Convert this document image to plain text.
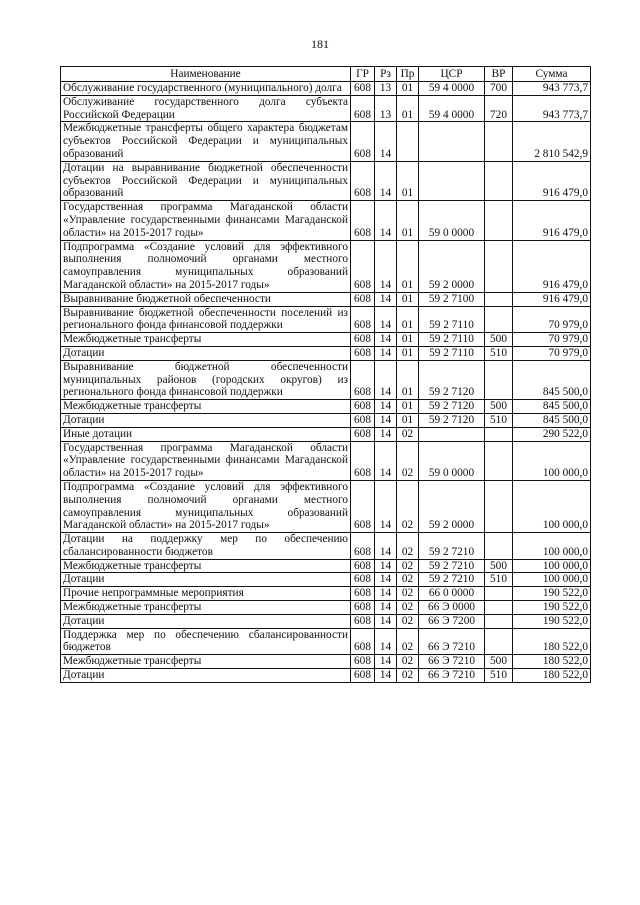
181
Наименование	ГР	Рз	Пр	ЦСР	ВР	Сумма
Обслуживание государственного (муниципального) долга	608	13	01	59 4 0000	700	943 773,7
Обслуживание государственного долга субъекта Российской Федерации	608	13	01	59 4 0000	720	943 773,7
Межбюджетные трансферты общего характера бюджетам субъектов Российской Федерации и муниципальных образований	608	14				2 810 542,9
Дотации на выравнивание бюджетной обеспеченности субъектов Российской Федерации и муниципальных образований	608	14	01			916 479,0
Государственная программа Магаданской области «Управление государственными финансами Магаданской области» на 2015-2017 годы»	608	14	01	59 0 0000		916 479,0
Подпрограмма «Создание условий для эффективного выполнения полномочий органами местного самоуправления муниципальных образований Магаданской области» на 2015-2017 годы»	608	14	01	59 2 0000		916 479,0
Выравнивание бюджетной обеспеченности	608	14	01	59 2 7100		916 479,0
Выравнивание бюджетной обеспеченности поселений из регионального фонда финансовой поддержки	608	14	01	59 2 7110		70 979,0
Межбюджетные трансферты	608	14	01	59 2 7110	500	70 979,0
Дотации	608	14	01	59 2 7110	510	70 979,0
Выравнивание бюджетной обеспеченности муниципальных районов (городских округов) из регионального фонда финансовой поддержки	608	14	01	59 2 7120		845 500,0
Межбюджетные трансферты	608	14	01	59 2 7120	500	845 500,0
Дотации	608	14	01	59 2 7120	510	845 500,0
Иные дотации	608	14	02			290 522,0
Государственная программа Магаданской области «Управление государственными финансами Магаданской области» на 2015-2017 годы»	608	14	02	59 0 0000		100 000,0
Подпрограмма «Создание условий для эффективного выполнения полномочий органами местного самоуправления муниципальных образований Магаданской области» на 2015-2017 годы»	608	14	02	59 2 0000		100 000,0
Дотации на поддержку мер по обеспечению сбалансированности бюджетов	608	14	02	59 2 7210		100 000,0
Межбюджетные трансферты	608	14	02	59 2 7210	500	100 000,0
Дотации	608	14	02	59 2 7210	510	100 000,0
Прочие непрограммные мероприятия	608	14	02	66 0 0000		190 522,0
Межбюджетные трансферты	608	14	02	66 Э 0000		190 522,0
Дотации	608	14	02	66 Э 7200		190 522,0
Поддержка мер по обеспечению сбалансированности бюджетов	608	14	02	66 Э 7210		180 522,0
Межбюджетные трансферты	608	14	02	66 Э 7210	500	180 522,0
Дотации	608	14	02	66 Э 7210	510	180 522,0
